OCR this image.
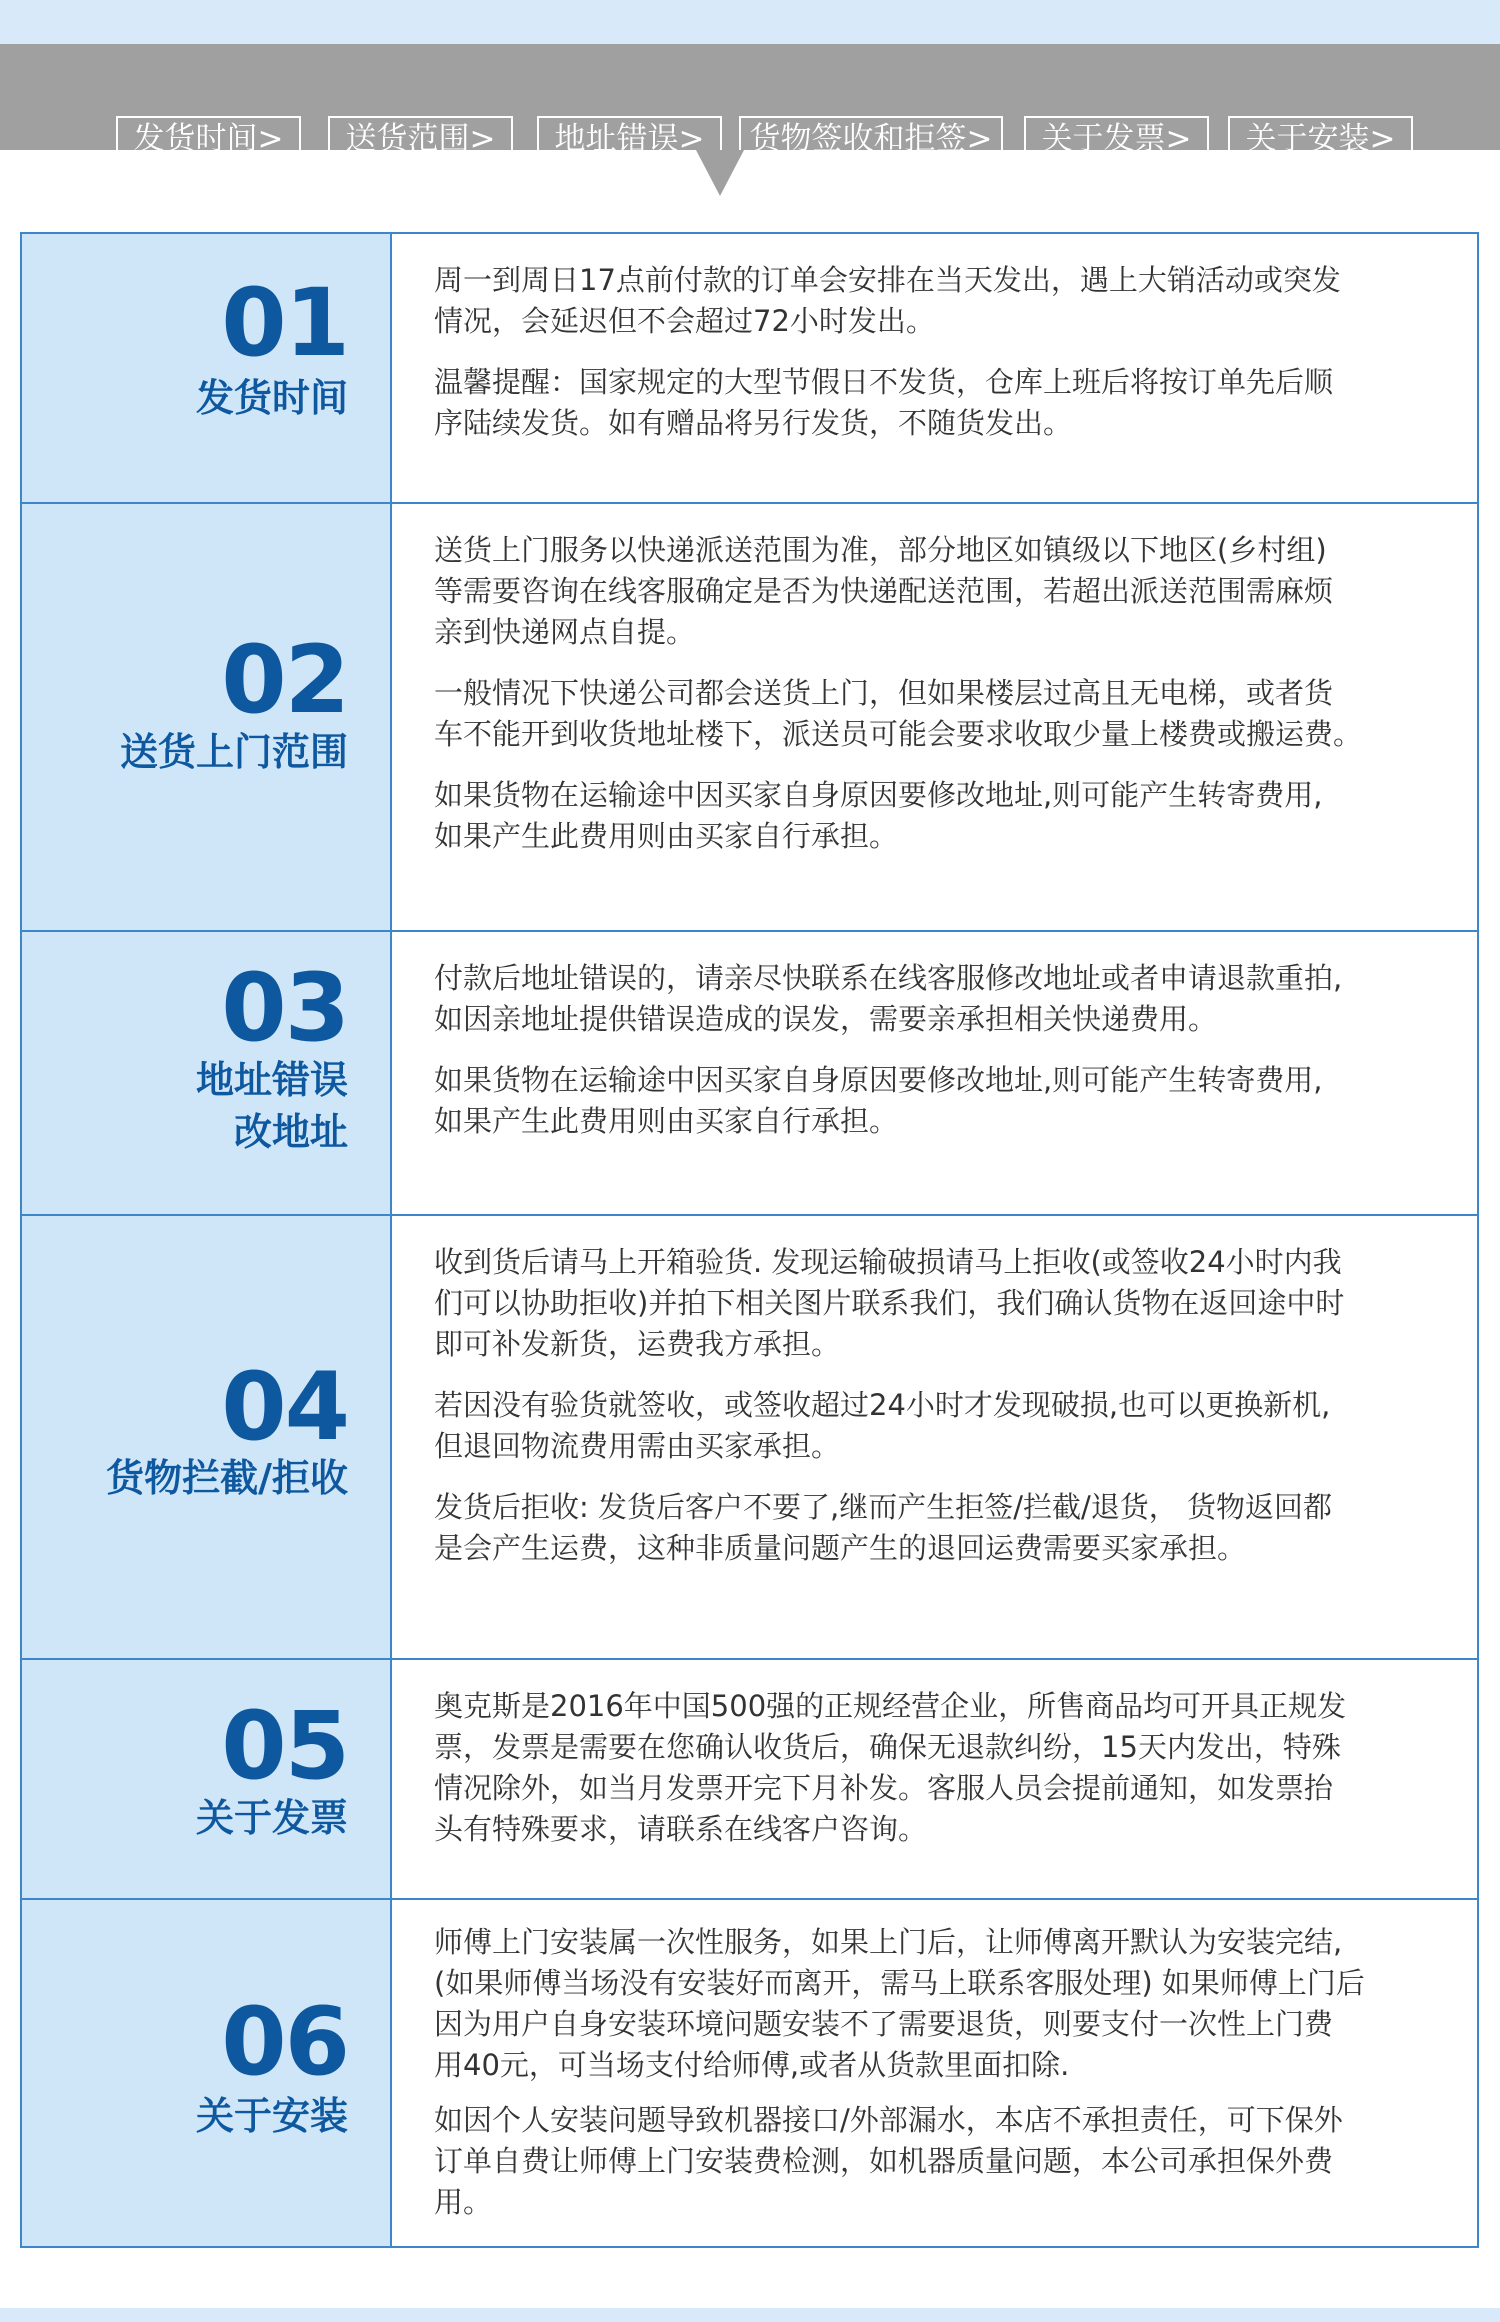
发货时间>	送货范围>	地址错误>	货物签收和拒签>	关于发票>	关于安装>
01
发货时间

周一到周日17点前付款的订单会安排在当天发出，遇上大销活动或突发
情况，会延迟但不会超过72小时发出。

温馨提醒：国家规定的大型节假日不发货，仓库上班后将按订单先后顺
序陆续发货。如有赠品将另行发货，不随货发出。

02
送货上门范围

送货上门服务以快递派送范围为准，部分地区如镇级以下地区(乡村组)
等需要咨询在线客服确定是否为快递配送范围，若超出派送范围需麻烦
亲到快递网点自提。

一般情况下快递公司都会送货上门，但如果楼层过高且无电梯，或者货
车不能开到收货地址楼下，派送员可能会要求收取少量上楼费或搬运费。

如果货物在运输途中因买家自身原因要修改地址,则可能产生转寄费用,
如果产生此费用则由买家自行承担。

03
地址错误
改地址

付款后地址错误的，请亲尽快联系在线客服修改地址或者申请退款重拍,
如因亲地址提供错误造成的误发，需要亲承担相关快递费用。

如果货物在运输途中因买家自身原因要修改地址,则可能产生转寄费用,
如果产生此费用则由买家自行承担。

04
货物拦截/拒收

收到货后请马上开箱验货. 发现运输破损请马上拒收(或签收24小时内我
们可以协助拒收)并拍下相关图片联系我们，我们确认货物在返回途中时
即可补发新货，运费我方承担。

若因没有验货就签收，或签收超过24小时才发现破损,也可以更换新机,
但退回物流费用需由买家承担。

发货后拒收: 发货后客户不要了,继而产生拒签/拦截/退货， 货物返回都
是会产生运费，这种非质量问题产生的退回运费需要买家承担。

05
关于发票

奥克斯是2016年中国500强的正规经营企业，所售商品均可开具正规发
票，发票是需要在您确认收货后，确保无退款纠纷，15天内发出，特殊
情况除外，如当月发票开完下月补发。客服人员会提前通知，如发票抬
头有特殊要求，请联系在线客户咨询。

06
关于安装

师傅上门安装属一次性服务，如果上门后，让师傅离开默认为安装完结,
(如果师傅当场没有安装好而离开，需马上联系客服处理) 如果师傅上门后
因为用户自身安装环境问题安装不了需要退货，则要支付一次性上门费
用40元，可当场支付给师傅,或者从货款里面扣除.

如因个人安装问题导致机器接口/外部漏水，本店不承担责任，可下保外
订单自费让师傅上门安装费检测，如机器质量问题，本公司承担保外费
用。
